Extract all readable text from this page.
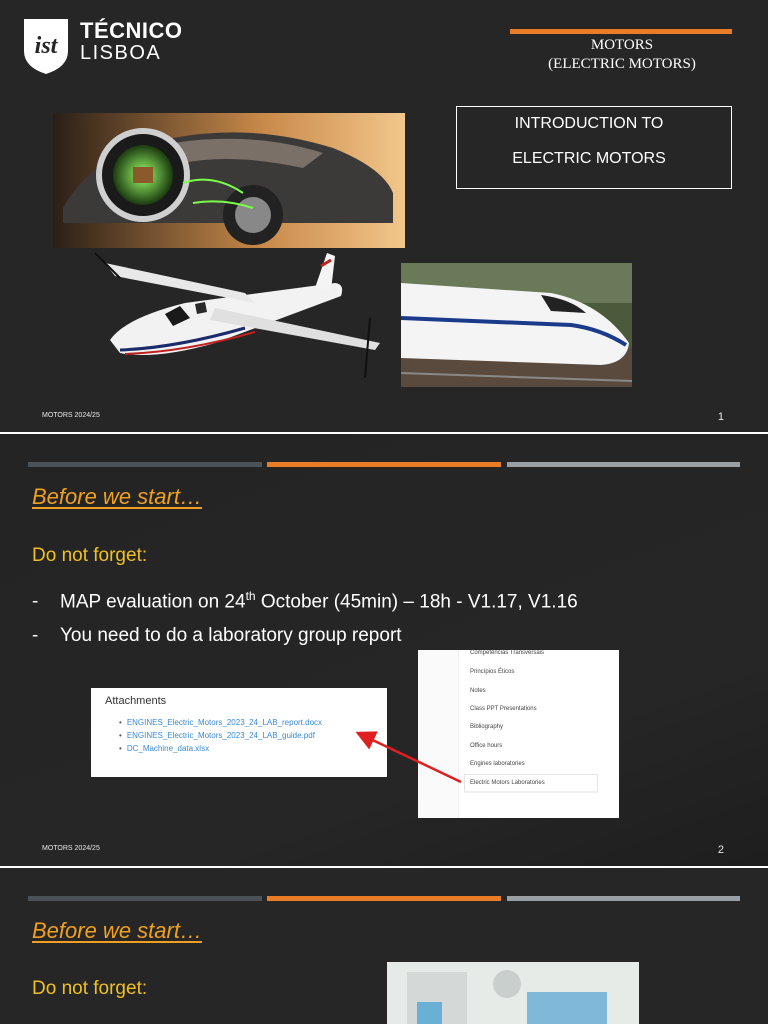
ist
TÉCNICO
LISBOA	MOTORS
(ELECTRIC MOTORS)
INTRODUCTION TO
ELECTRIC MOTORS
MOTORS 2024/25	1
Before we start…
Do not forget:
- MAP evaluation on 24th October (45min) – 18h - V1.17, V1.16
- You need to do a laboratory group report
Competências Transversais
Princípios Éticos
Notes
Class PPT Presentations
Bibliography
Office hours
Engines laboratories
Electric Motors Laboratories
Attachments
• ENGINES_Electric_Motors_2023_24_LAB_report.docx
• ENGINES_Electric_Motors_2023_24_LAB_guide.pdf
• DC_Machine_data.xlsx
MOTORS 2024/25	2
Before we start…
Do not forget:
